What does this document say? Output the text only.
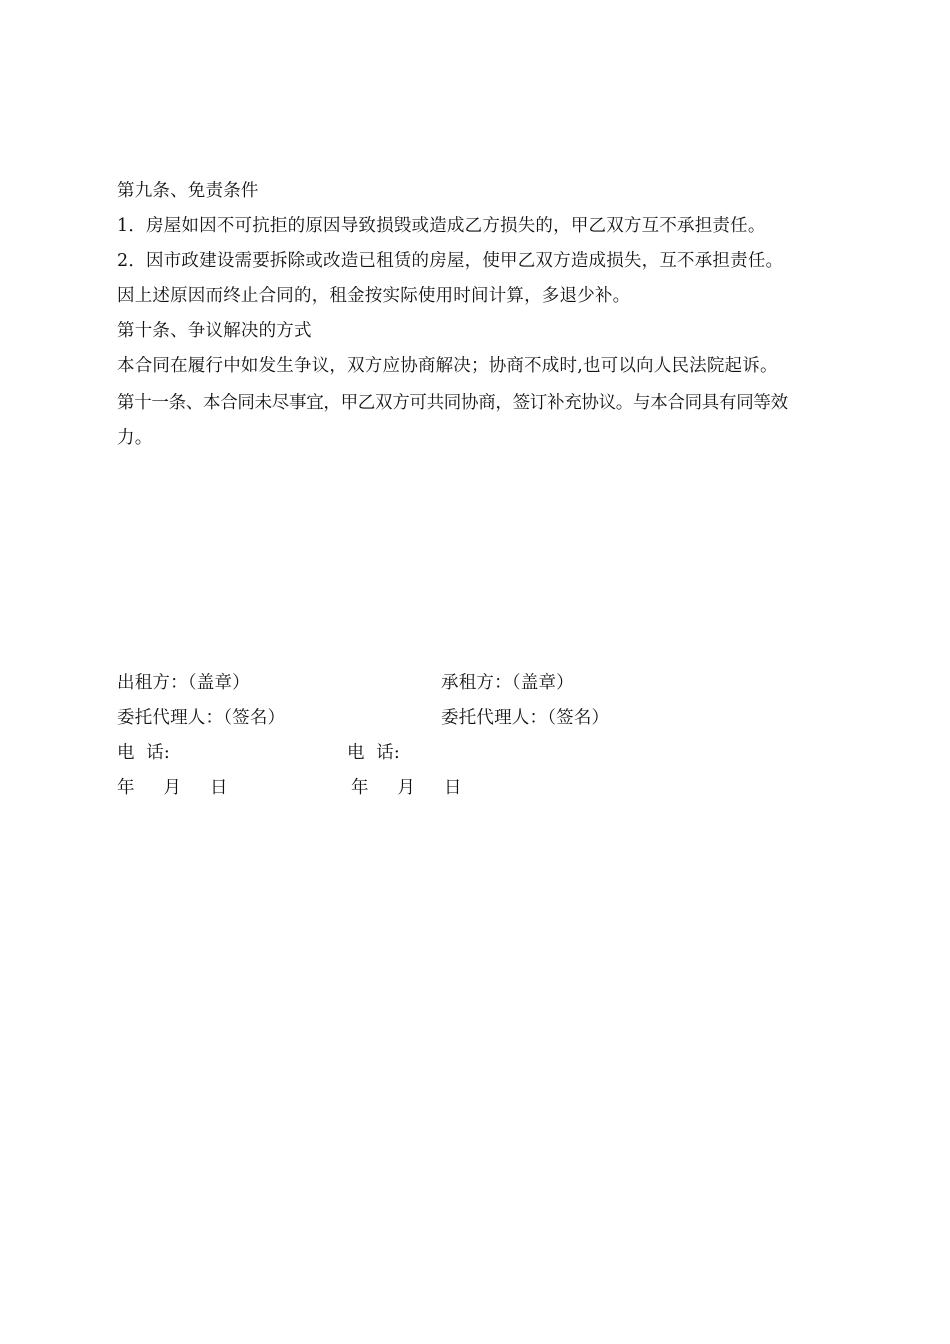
第九条、免责条件
1．房屋如因不可抗拒的原因导致损毁或造成乙方损失的，甲乙双方互不承担责任。
2．因市政建设需要拆除或改造已租赁的房屋，使甲乙双方造成损失，互不承担责任。
因上述原因而终止合同的，租金按实际使用时间计算，多退少补。
第十条、争议解决的方式
本合同在履行中如发生争议，双方应协商解决；协商不成时,也可以向人民法院起诉。
第十一条、本合同未尽事宜，甲乙双方可共同协商，签订补充协议。与本合同具有同等效
力。
出租方：（盖章）	承租方：（盖章）
委托代理人：（签名）	委托代理人：（签名）
电  话:	电  话:
年     月     日	年     月     日
